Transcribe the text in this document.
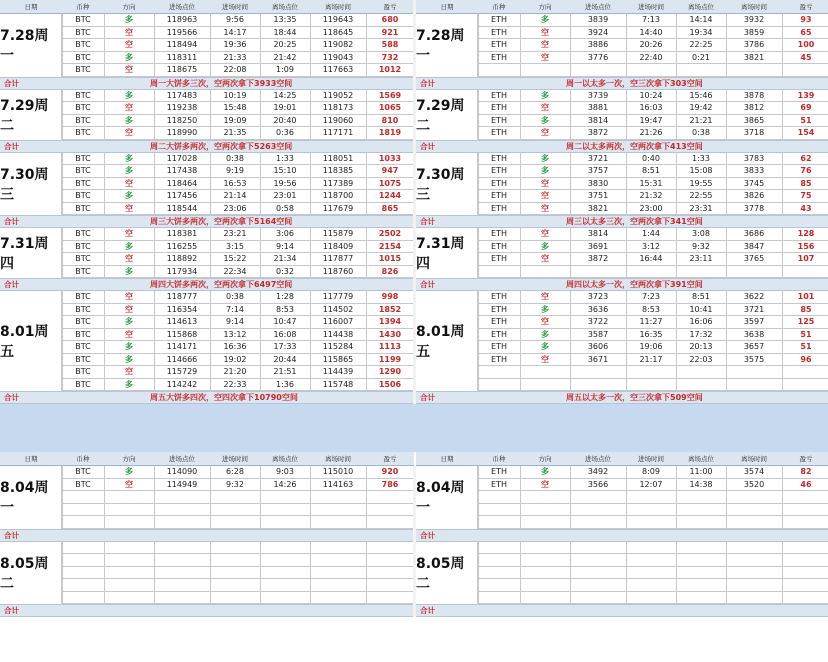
日期	币种	方向	进场点位	进场时间	离场点位	离场时间	盈亏	日期	币种	方向	进场点位	进场时间	离场点位	离场时间	盈亏
7.28周一
BTC	多	118963	9:56	13:35	119643	680
BTC	空	119566	14:17	18:44	118645	921
BTC	空	118494	19:36	20:25	119082	588
BTC	多	118311	21:33	21:42	119043	732
BTC	空	118675	22:08	1:09	117663	1012
合计	周一大饼多三次，空两次拿下3933空间
7.28周一
ETH	多	3839	7:13	14:14	3932	93
ETH	空	3924	14:40	19:34	3859	65
ETH	空	3886	20:26	22:25	3786	100
ETH	空	3776	22:40	0:21	3821	45
合计	周一以太多一次，空三次拿下303空间
7.29周二
BTC	多	117483	10:19	14:25	119052	1569
BTC	空	119238	15:48	19:01	118173	1065
BTC	多	118250	19:09	20:40	119060	810
BTC	空	118990	21:35	0:36	117171	1819
合计	周二大饼多两次，空两次拿下5263空间
7.29周二
ETH	多	3739	10:24	15:46	3878	139
ETH	空	3881	16:03	19:42	3812	69
ETH	多	3814	19:47	21:21	3865	51
ETH	空	3872	21:26	0:38	3718	154
合计	周二以太多两次，空两次拿下413空间
7.30周三
BTC	多	117028	0:38	1:33	118051	1033
BTC	多	117438	9:19	15:10	118385	947
BTC	空	118464	16:53	19:56	117389	1075
BTC	多	117456	21:14	23:01	118700	1244
BTC	空	118544	23:06	0:58	117679	865
合计	周三大饼多两次，空两次拿下5164空间
7.30周三
ETH	多	3721	0:40	1:33	3783	62
ETH	多	3757	8:51	15:08	3833	76
ETH	空	3830	15:31	19:55	3745	85
ETH	空	3751	21:32	22:55	3826	75
ETH	空	3821	23:00	23:31	3778	43
合计	周三以太多三次，空两次拿下341空间
7.31周四
BTC	空	118381	23:21	3:06	115879	2502
BTC	多	116255	3:15	9:14	118409	2154
BTC	空	118892	15:22	21:34	117877	1015
BTC	多	117934	22:34	0:32	118760	826
合计	周四大饼多两次，空两次拿下6497空间
7.31周四
ETH	空	3814	1:44	3:08	3686	128
ETH	多	3691	3:12	9:32	3847	156
ETH	空	3872	16:44	23:11	3765	107
合计	周四以太多一次，空两次拿下391空间
8.01周五
BTC	空	118777	0:38	1:28	117779	998
BTC	空	116354	7:14	8:53	114502	1852
BTC	多	114613	9:14	10:47	116007	1394
BTC	空	115868	13:12	16:08	114438	1430
BTC	多	114171	16:36	17:33	115284	1113
BTC	多	114666	19:02	20:44	115865	1199
BTC	空	115729	21:20	21:51	114439	1290
BTC	多	114242	22:33	1:36	115748	1506
合计	周五大饼多四次，空四次拿下10790空间
8.01周五
ETH	空	3723	7:23	8:51	3622	101
ETH	多	3636	8:53	10:41	3721	85
ETH	空	3722	11:27	16:06	3597	125
ETH	多	3587	16:35	17:32	3638	51
ETH	多	3606	19:06	20:13	3657	51
ETH	空	3671	21:17	22:03	3575	96
合计	周五以太多一次，空三次拿下509空间
日期	币种	方向	进场点位	进场时间	离场点位	离场时间	盈亏	日期	币种	方向	进场点位	进场时间	离场点位	离场时间	盈亏
8.04周一
BTC	多	114090	6:28	9:03	115010	920
BTC	空	114949	9:32	14:26	114163	786
合计
8.04周一
ETH	多	3492	8:09	11:00	3574	82
ETH	空	3566	12:07	14:38	3520	46
合计
8.05周二
合计
8.05周二
合计
